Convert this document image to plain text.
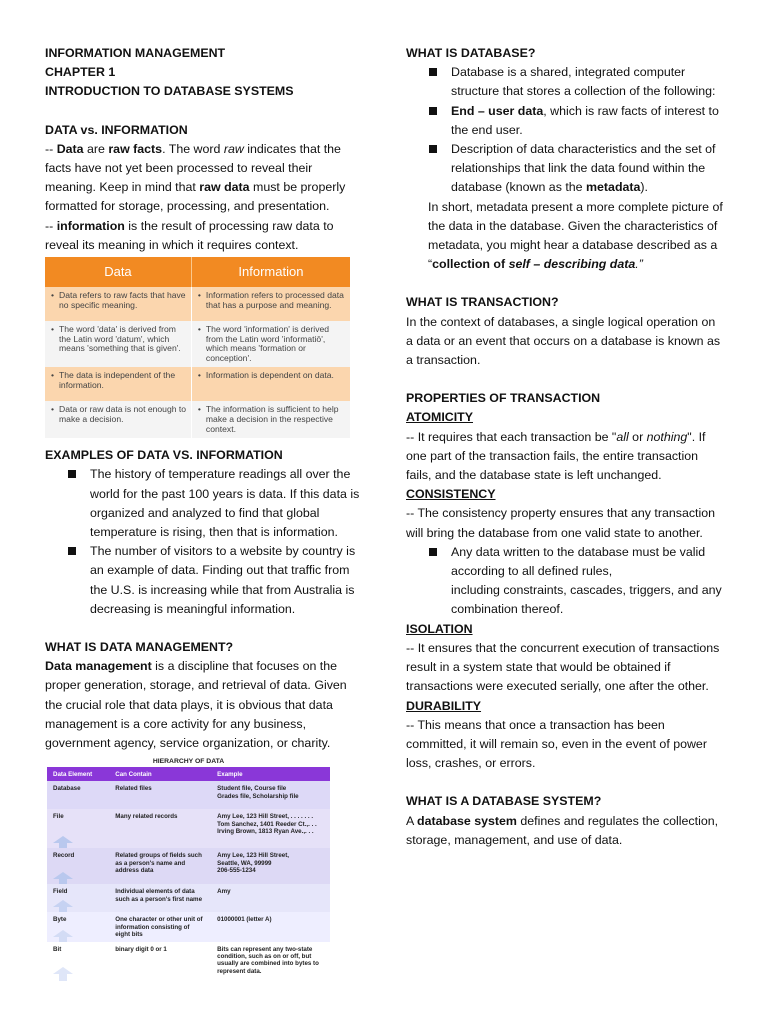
INFORMATION MANAGEMENT

CHAPTER 1

INTRODUCTION TO DATABASE SYSTEMS

DATA vs. INFORMATION

-- Data are raw facts. The word raw indicates that the facts have not yet been processed to reveal their meaning. Keep in mind that raw data must be properly formatted for storage, processing, and presentation.

-- information is the result of processing raw data to reveal its meaning in which it requires context.

Data	Information
• Data refers to raw facts that have no specific meaning.	• Information refers to processed data that has a purpose and meaning.
• The word 'data' is derived from the Latin word 'datum', which means 'something that is given'.	• The word 'information' is derived from the Latin word 'informatiō', which means 'formation or conception'.
• The data is independent of the information.	• Information is dependent on data.
• Data or raw data is not enough to make a decision.	• The information is sufficient to help make a decision in the respective context.

EXAMPLES OF DATA VS. INFORMATION

The history of temperature readings all over the world for the past 100 years is data. If this data is organized and analyzed to find that global temperature is rising, then that is information.
The number of visitors to a website by country is an example of data. Finding out that traffic from the U.S. is increasing while that from Australia is decreasing is meaningful information.

WHAT IS DATA MANAGEMENT?

Data management is a discipline that focuses on the proper generation, storage, and retrieval of data. Given the crucial role that data plays, it is obvious that data management is a core activity for any business, government agency, service organization, or charity.

HIERARCHY OF DATA
Data Element	Can Contain	Example
Database	Related files	Student file, Course file
Grades file, Scholarship file
File	Many related records	Amy Lee, 123 Hill Street, . . . . . . .
Tom Sanchez, 1401 Reeder Ct.,. . .
Irving Brown, 1813 Ryan Ave.,. . .
Record	Related groups of fields such as a person's name and address data	Amy Lee, 123 Hill Street,
Seattle, WA, 99999
206-555-1234
Field	Individual elements of data such as a person's first name	Amy
Byte	One character or other unit of information consisting of eight bits	01000001 (letter A)
Bit	binary digit 0 or 1	Bits can represent any two-state condition, such as on or off, but usually are combined into bytes to represent data.

WHAT IS DATABASE?

Database is a shared, integrated computer structure that stores a collection of the following:
End – user data, which is raw facts of interest to the end user.
Description of data characteristics and the set of relationships that link the data found within the database (known as the metadata).

In short, metadata present a more complete picture of the data in the database. Given the characteristics of metadata, you might hear a database described as a “collection of self – describing data.”

WHAT IS TRANSACTION?

In the context of databases, a single logical operation on a data or an event that occurs on a database is known as a transaction.

PROPERTIES OF TRANSACTION

ATOMICITY

-- It requires that each transaction be "all or nothing". If one part of the transaction fails, the entire transaction fails, and the database state is left unchanged.

CONSISTENCY

-- The consistency property ensures that any transaction will bring the database from one valid state to another.

Any data written to the database must be valid according to all defined rules,

including constraints, cascades, triggers, and any combination thereof.

ISOLATION

-- It ensures that the concurrent execution of transactions result in a system state that would be obtained if transactions were executed serially, one after the other.

DURABILITY

-- This means that once a transaction has been committed, it will remain so, even in the event of power loss, crashes, or errors.

WHAT IS A DATABASE SYSTEM?

A database system defines and regulates the collection, storage, management, and use of data.
